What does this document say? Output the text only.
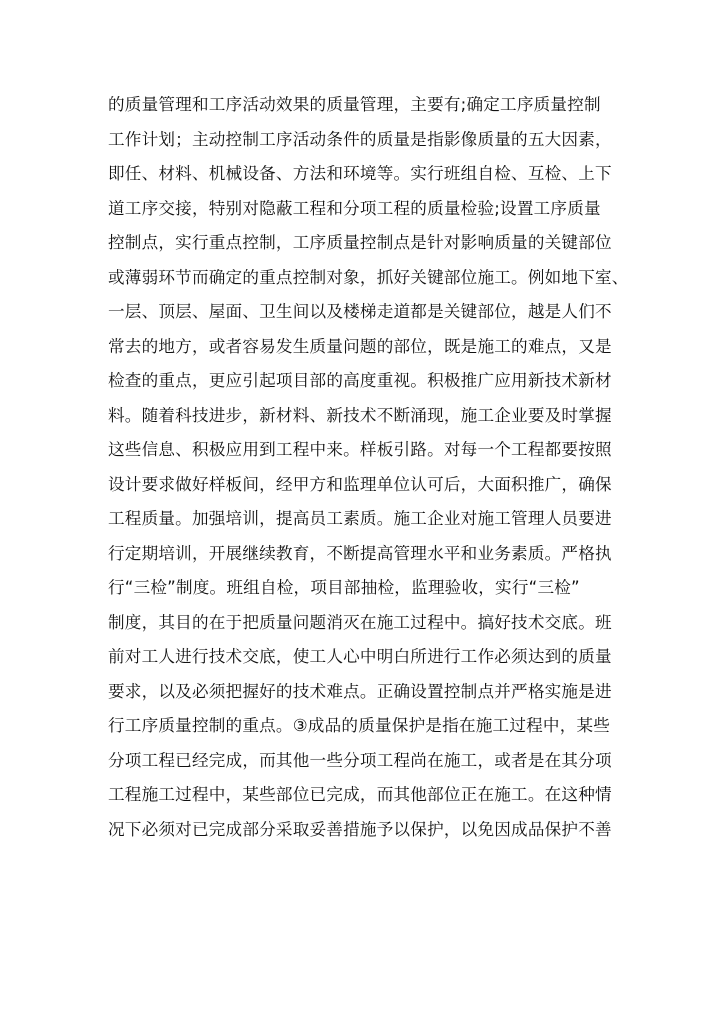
的质量管理和工序活动效果的质量管理，主要有;确定工序质量控制
工作计划；主动控制工序活动条件的质量是指影像质量的五大因素，
即任、材料、机械设备、方法和环境等。实行班组自检、互检、上下
道工序交接，特别对隐蔽工程和分项工程的质量检验;设置工序质量
控制点，实行重点控制，工序质量控制点是针对影响质量的关键部位
或薄弱环节而确定的重点控制对象，抓好关键部位施工。例如地下室、
一层、顶层、屋面、卫生间以及楼梯走道都是关键部位，越是人们不
常去的地方，或者容易发生质量问题的部位，既是施工的难点，又是
检查的重点，更应引起项目部的高度重视。积极推广应用新技术新材
料。随着科技进步，新材料、新技术不断涌现，施工企业要及时掌握
这些信息、积极应用到工程中来。样板引路。对每一个工程都要按照
设计要求做好样板间，经甲方和监理单位认可后，大面积推广，确保
工程质量。加强培训，提高员工素质。施工企业对施工管理人员要进
行定期培训，开展继续教育，不断提高管理水平和业务素质。严格执
行“三检”制度。班组自检，项目部抽检，监理验收，实行“三检”
制度，其目的在于把质量问题消灭在施工过程中。搞好技术交底。班
前对工人进行技术交底，使工人心中明白所进行工作必须达到的质量
要求，以及必须把握好的技术难点。正确设置控制点并严格实施是进
行工序质量控制的重点。③成品的质量保护是指在施工过程中，某些
分项工程已经完成，而其他一些分项工程尚在施工，或者是在其分项
工程施工过程中，某些部位已完成，而其他部位正在施工。在这种情
况下必须对已完成部分采取妥善措施予以保护，以免因成品保护不善
